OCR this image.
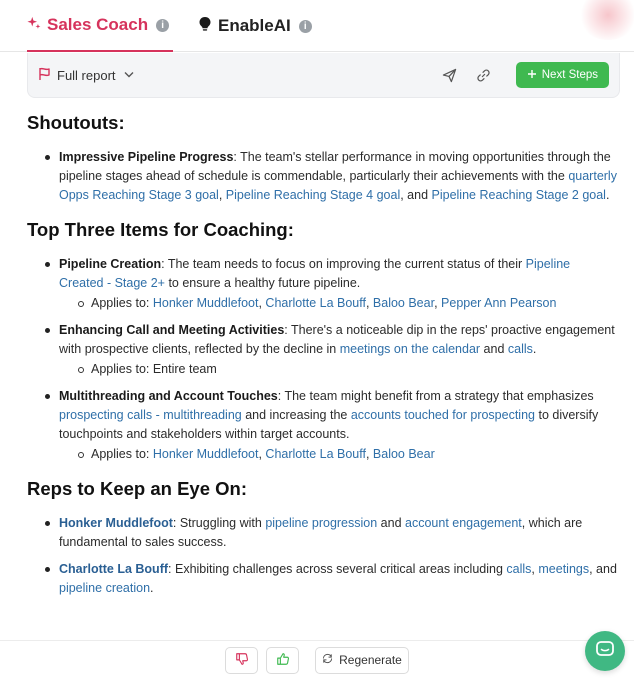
Sales Coach	i	EnableAI	i
Full report	Next Steps
Shoutouts:
Impressive Pipeline Progress: The team's stellar performance in moving opportunities through the pipeline stages ahead of schedule is commendable, particularly their achievements with the quarterly Opps Reaching Stage 3 goal, Pipeline Reaching Stage 4 goal, and Pipeline Reaching Stage 2 goal.
Top Three Items for Coaching:
Pipeline Creation: The team needs to focus on improving the current status of their Pipeline Created - Stage 2+ to ensure a healthy future pipeline.
Applies to: Honker Muddlefoot, Charlotte La Bouff, Baloo Bear, Pepper Ann Pearson
Enhancing Call and Meeting Activities: There's a noticeable dip in the reps' proactive engagement with prospective clients, reflected by the decline in meetings on the calendar and calls.
Applies to: Entire team
Multithreading and Account Touches: The team might benefit from a strategy that emphasizes prospecting calls - multithreading and increasing the accounts touched for prospecting to diversify touchpoints and stakeholders within target accounts.
Applies to: Honker Muddlefoot, Charlotte La Bouff, Baloo Bear
Reps to Keep an Eye On:
Honker Muddlefoot: Struggling with pipeline progression and account engagement, which are fundamental to sales success.
Charlotte La Bouff: Exhibiting challenges across several critical areas including calls, meetings, and pipeline creation.
Regenerate
